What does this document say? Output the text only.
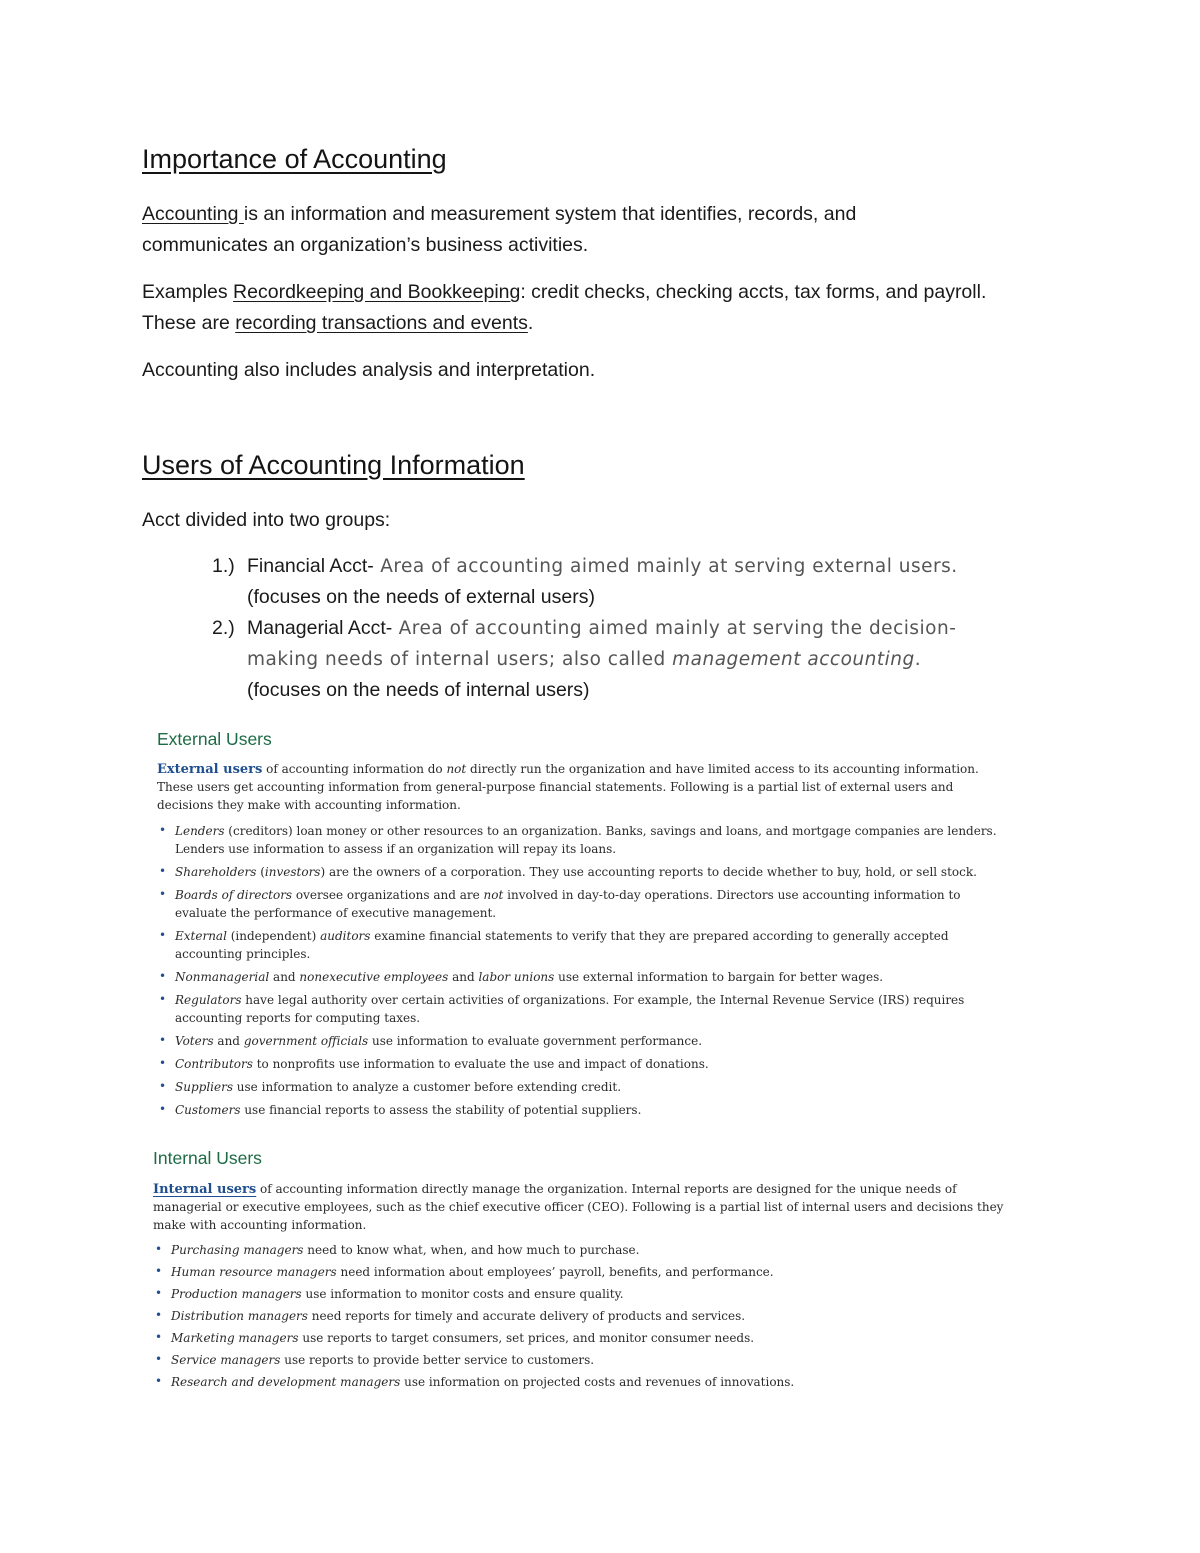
Importance of Accounting

Accounting is an information and measurement system that identifies, records, and

communicates an organization’s business activities.

Examples Recordkeeping and Bookkeeping: credit checks, checking accts, tax forms, and payroll.

These are recording transactions and events.

Accounting also includes analysis and interpretation.

Users of Accounting Information

Acct divided into two groups:

1.) Financial Acct- Area of accounting aimed mainly at serving external users.

(focuses on the needs of external users)

2.) Managerial Acct- Area of accounting aimed mainly at serving the decision-

making needs of internal users; also called management accounting.

(focuses on the needs of internal users)

External Users
External users of accounting information do not directly run the organization and have limited access to its accounting information.
These users get accounting information from general-purpose financial statements. Following is a partial list of external users and
decisions they make with accounting information.
• Lenders (creditors) loan money or other resources to an organization. Banks, savings and loans, and mortgage companies are lenders.
Lenders use information to assess if an organization will repay its loans.
• Shareholders (investors) are the owners of a corporation. They use accounting reports to decide whether to buy, hold, or sell stock.
• Boards of directors oversee organizations and are not involved in day-to-day operations. Directors use accounting information to
evaluate the performance of executive management.
• External (independent) auditors examine financial statements to verify that they are prepared according to generally accepted
accounting principles.
• Nonmanagerial and nonexecutive employees and labor unions use external information to bargain for better wages.
• Regulators have legal authority over certain activities of organizations. For example, the Internal Revenue Service (IRS) requires
accounting reports for computing taxes.
• Voters and government officials use information to evaluate government performance.
• Contributors to nonprofits use information to evaluate the use and impact of donations.
• Suppliers use information to analyze a customer before extending credit.
• Customers use financial reports to assess the stability of potential suppliers.
Internal Users
Internal users of accounting information directly manage the organization. Internal reports are designed for the unique needs of
managerial or executive employees, such as the chief executive officer (CEO). Following is a partial list of internal users and decisions they
make with accounting information.
• Purchasing managers need to know what, when, and how much to purchase.
• Human resource managers need information about employees’ payroll, benefits, and performance.
• Production managers use information to monitor costs and ensure quality.
• Distribution managers need reports for timely and accurate delivery of products and services.
• Marketing managers use reports to target consumers, set prices, and monitor consumer needs.
• Service managers use reports to provide better service to customers.
• Research and development managers use information on projected costs and revenues of innovations.
